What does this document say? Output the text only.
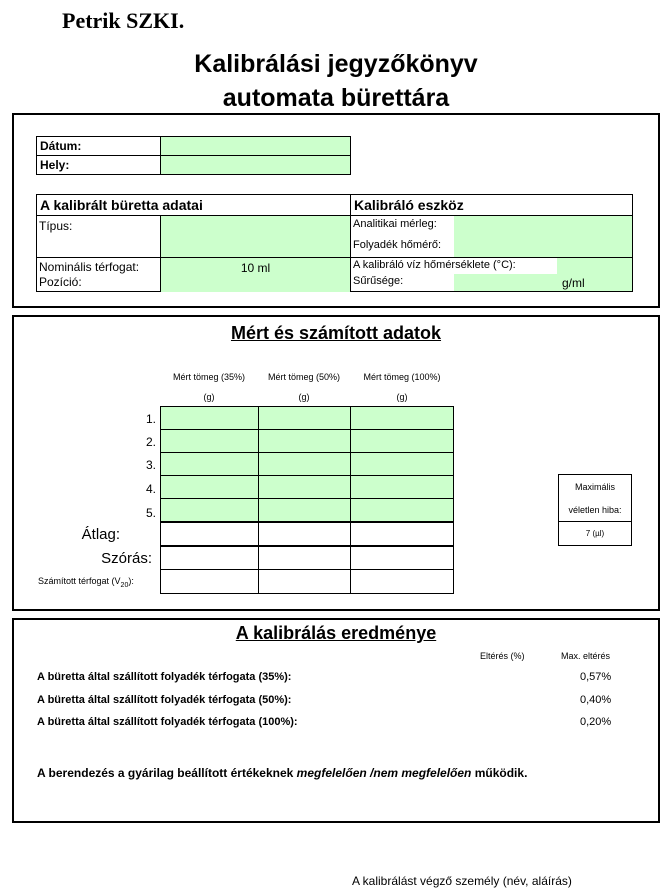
Petrik SZKI.
Kalibrálási jegyzőkönyv
automata bürettára
Dátum:
Hely:
A kalibrált büretta adatai	Kalibráló eszköz
Típus:
Nominális térfogat:	10 ml
Pozíció:
Analitikai mérleg:
Folyadék hőmérő:
A kalibráló víz hőmérséklete (°C):
Sűrűsége:	g/ml
Mért és számított adatok
Mért tömeg (35%)	Mért tömeg (50%)	Mért tömeg (100%)
(g)	(g)	(g)
1.
2.
3.
4.
5.
Átlag:
Szórás:
Számított térfogat $(V_{20})$:
Maximális
véletlen hiba:
7 (µl)
A kalibrálás eredménye
Eltérés (%)	Max. eltérés
A büretta által szállított folyadék térfogata (35%):	0,57%
A büretta által szállított folyadék térfogata (50%):	0,40%
A büretta által szállított folyadék térfogata (100%):	0,20%
A berendezés a gyárilag beállított értékeknek megfelelően /nem megfelelően működik.
A kalibrálást végző személy (név, aláírás)
